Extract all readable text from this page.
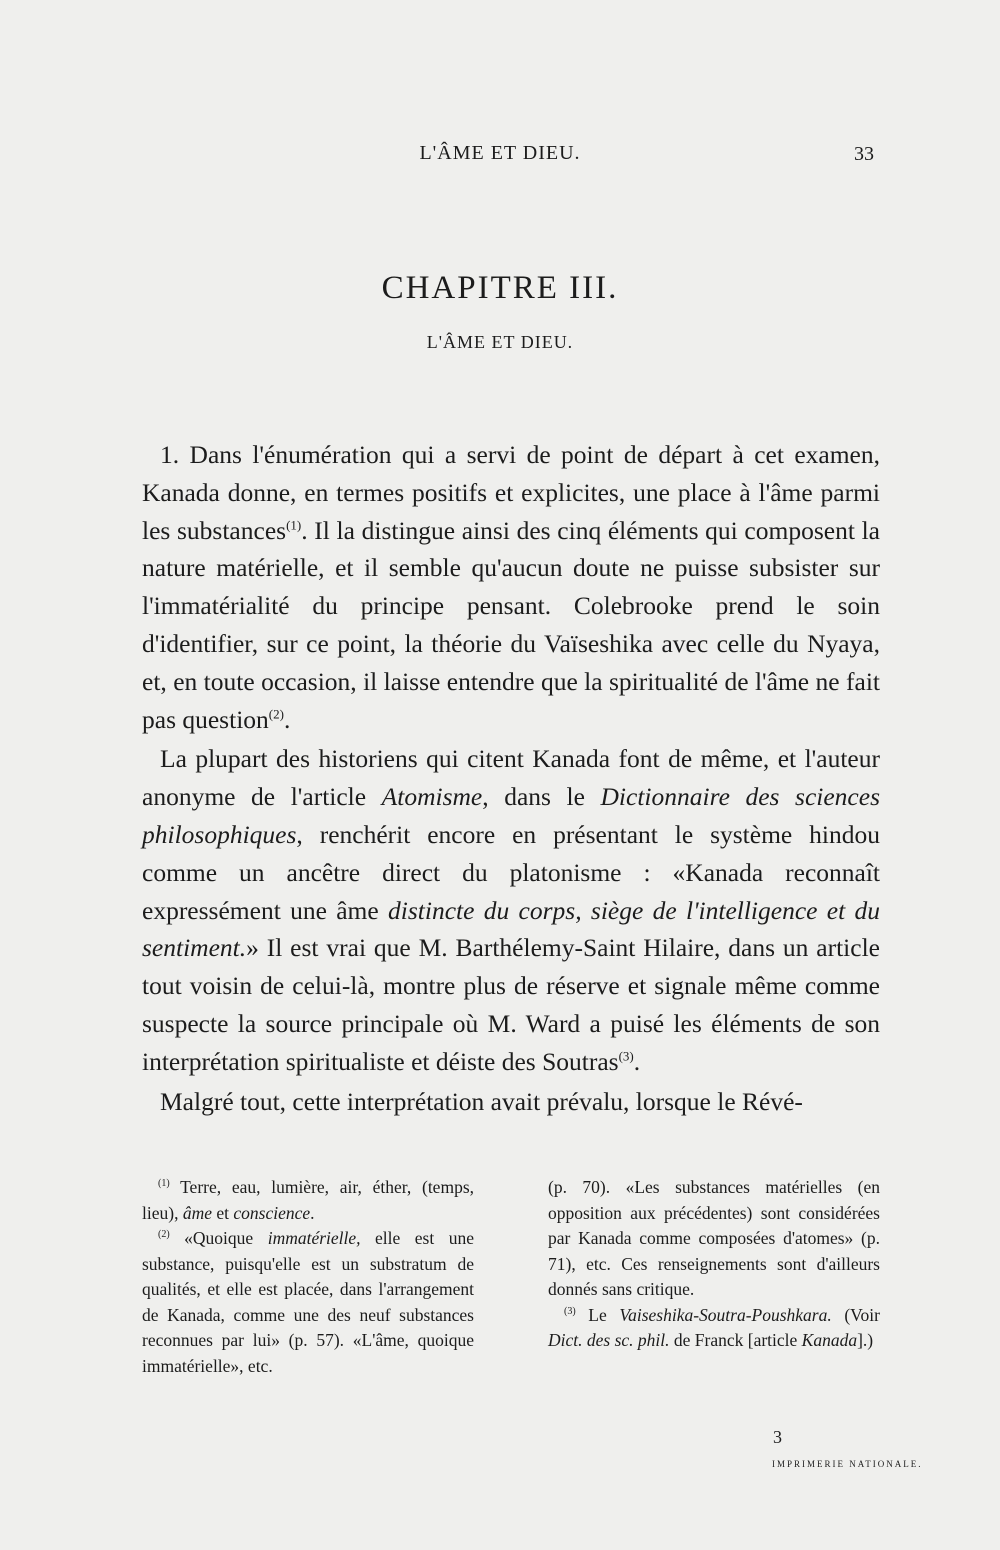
L'ÂME ET DIEU.	33
CHAPITRE III.
L'ÂME ET DIEU.

1. Dans l'énumération qui a servi de point de départ à cet examen, Kanada donne, en termes positifs et explicites, une place à l'âme parmi les substances$^{(1)}$. Il la distingue ainsi des cinq éléments qui composent la nature matérielle, et il semble qu'aucun doute ne puisse subsister sur l'immatérialité du principe pensant. Colebrooke prend le soin d'identifier, sur ce point, la théorie du Vaïseshika avec celle du Nyaya, et, en toute occasion, il laisse entendre que la spiritualité de l'âme ne fait pas question$^{(2)}$.

La plupart des historiens qui citent Kanada font de même, et l'auteur anonyme de l'article Atomisme, dans le Dictionnaire des sciences philosophiques, renchérit encore en présentant le système hindou comme un ancêtre direct du platonisme : «Kanada reconnaît expressément une âme distincte du corps, siège de l'intelligence et du sentiment.» Il est vrai que M. Barthélemy-Saint Hilaire, dans un article tout voisin de celui-là, montre plus de réserve et signale même comme suspecte la source principale où M. Ward a puisé les éléments de son interprétation spiritualiste et déiste des Soutras$^{(3)}$.

Malgré tout, cette interprétation avait prévalu, lorsque le Révé-

$^{(1)}$ Terre, eau, lumière, air, éther, (temps, lieu), âme et conscience.

$^{(2)}$ «Quoique immatérielle, elle est une substance, puisqu'elle est un substratum de qualités, et elle est placée, dans l'arrangement de Kanada, comme une des neuf substances reconnues par lui» (p. 57). «L'âme, quoique immatérielle», etc.

(p. 70). «Les substances matérielles (en opposition aux précédentes) sont considérées par Kanada comme composées d'atomes» (p. 71), etc. Ces renseignements sont d'ailleurs donnés sans critique.

$^{(3)}$ Le Vaiseshika-Soutra-Poushkara. (Voir Dict. des sc. phil. de Franck [article Kanada].)

3
IMPRIMERIE NATIONALE.
